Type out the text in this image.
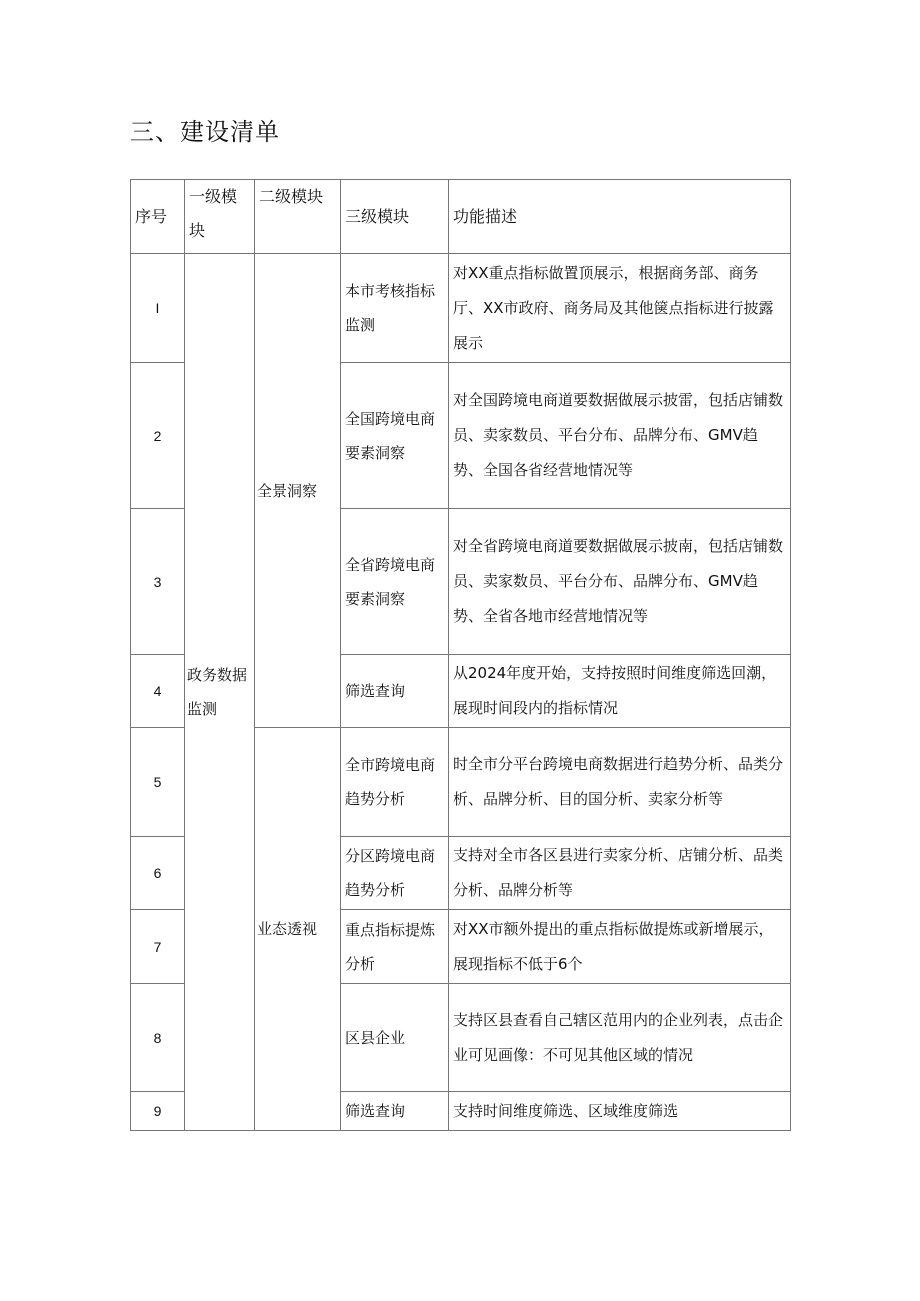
三、建设清单
序号	一级模块	二级模块	三级模块	功能描述
I	政务数据监测	全景洞察	本市考核指标监测	对XX重点指标做置顶展示，根据商务部、商务厅、XX市政府、商务局及其他箧点指标进行披露展示
2			全国跨境电商要素洞察	对全国跨境电商道要数据做展示披雷，包括店铺数员、卖家数员、平台分布、品牌分布、GMV趋势、全国各省经营地情况等
3			全省跨境电商要素洞察	对全省跨境电商道要数据做展示披南，包括店铺数员、卖家数员、平台分布、品牌分布、GMV趋势、全省各地市经营地情况等
4			筛选查询	从2024年度开始，支持按照时间维度筛选回潮，展现时间段内的指标情况
5		业态透视	全市跨境电商趋势分析	时全市分平台跨境电商数据进行趋势分析、品类分析、品牌分析、目的国分析、卖家分析等
6			分区跨境电商趋势分析	支持对全市各区县进行卖家分析、店铺分析、品类分析、品牌分析等
7			重点指标提炼分析	对XX市额外提出的重点指标做提炼或新增展示，展现指标不低于6个
8			区县企业	支持区县查看自己辖区范用内的企业列表，点击企业可见画像：不可见其他区域的情况
9			筛选查询	支持时间维度筛选、区域维度筛选
